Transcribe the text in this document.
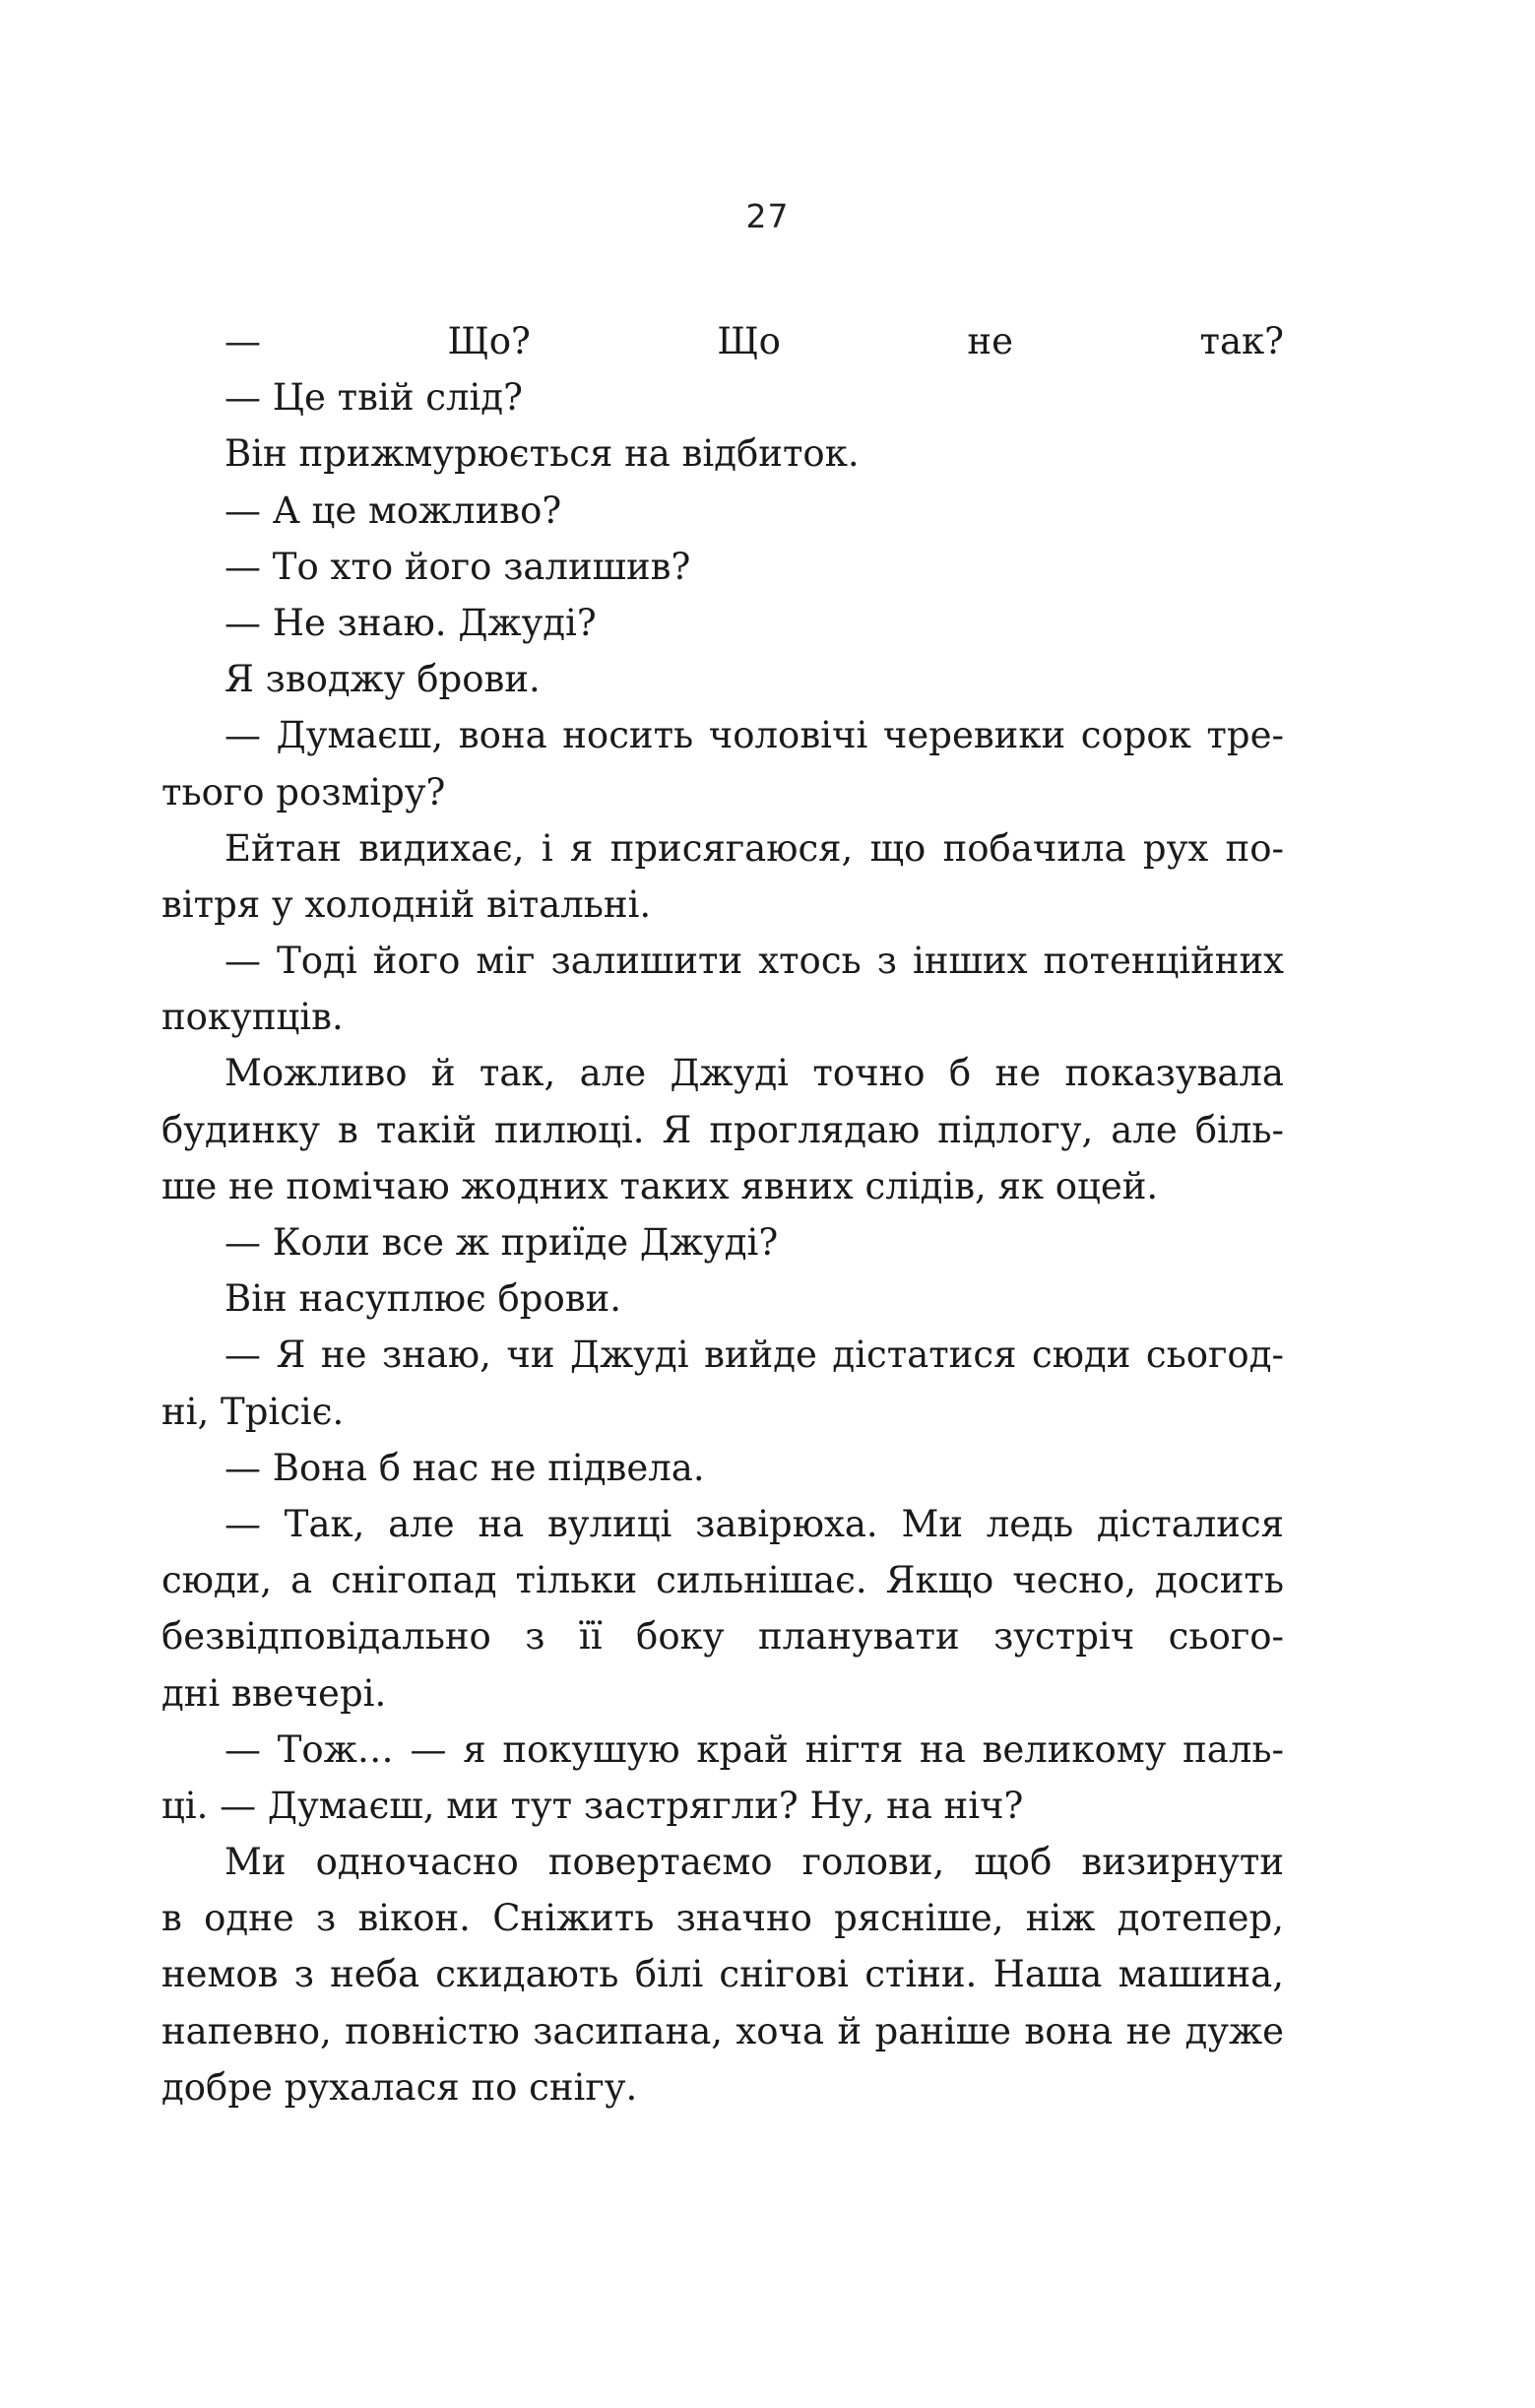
27
— Що? Що не так?
— Це твій слід?
Він прижмурюється на відбиток.
— А це можливо?
— То хто його залишив?
— Не знаю. Джуді?
Я зводжу брови.
— Думаєш, вона носить чоловічі черевики сорок тре-
тього розміру?
Ейтан видихає, і я присягаюся, що побачила рух по-
вітря у холодній вітальні.
— Тоді його міг залишити хтось з інших потенційних
покупців.
Можливо й так, але Джуді точно б не показувала
будинку в такій пилюці. Я проглядаю підлогу, але біль-
ше не помічаю жодних таких явних слідів, як оцей.
— Коли все ж приїде Джуді?
Він насуплює брови.
— Я не знаю, чи Джуді вийде дістатися сюди сьогод-
ні, Трісіє.
— Вона б нас не підвела.
— Так, але на вулиці завірюха. Ми ледь дісталися
сюди, а снігопад тільки сильнішає. Якщо чесно, досить
безвідповідально з її боку планувати зустріч сього-
дні ввечері.
— Тож… — я покушую край нігтя на великому паль-
ці. — Думаєш, ми тут застрягли? Ну, на ніч?
Ми одночасно повертаємо голови, щоб визирнути
в одне з вікон. Сніжить значно рясніше, ніж дотепер,
немов з неба скидають білі снігові стіни. Наша машина,
напевно, повністю засипана, хоча й раніше вона не дуже
добре рухалася по снігу.
